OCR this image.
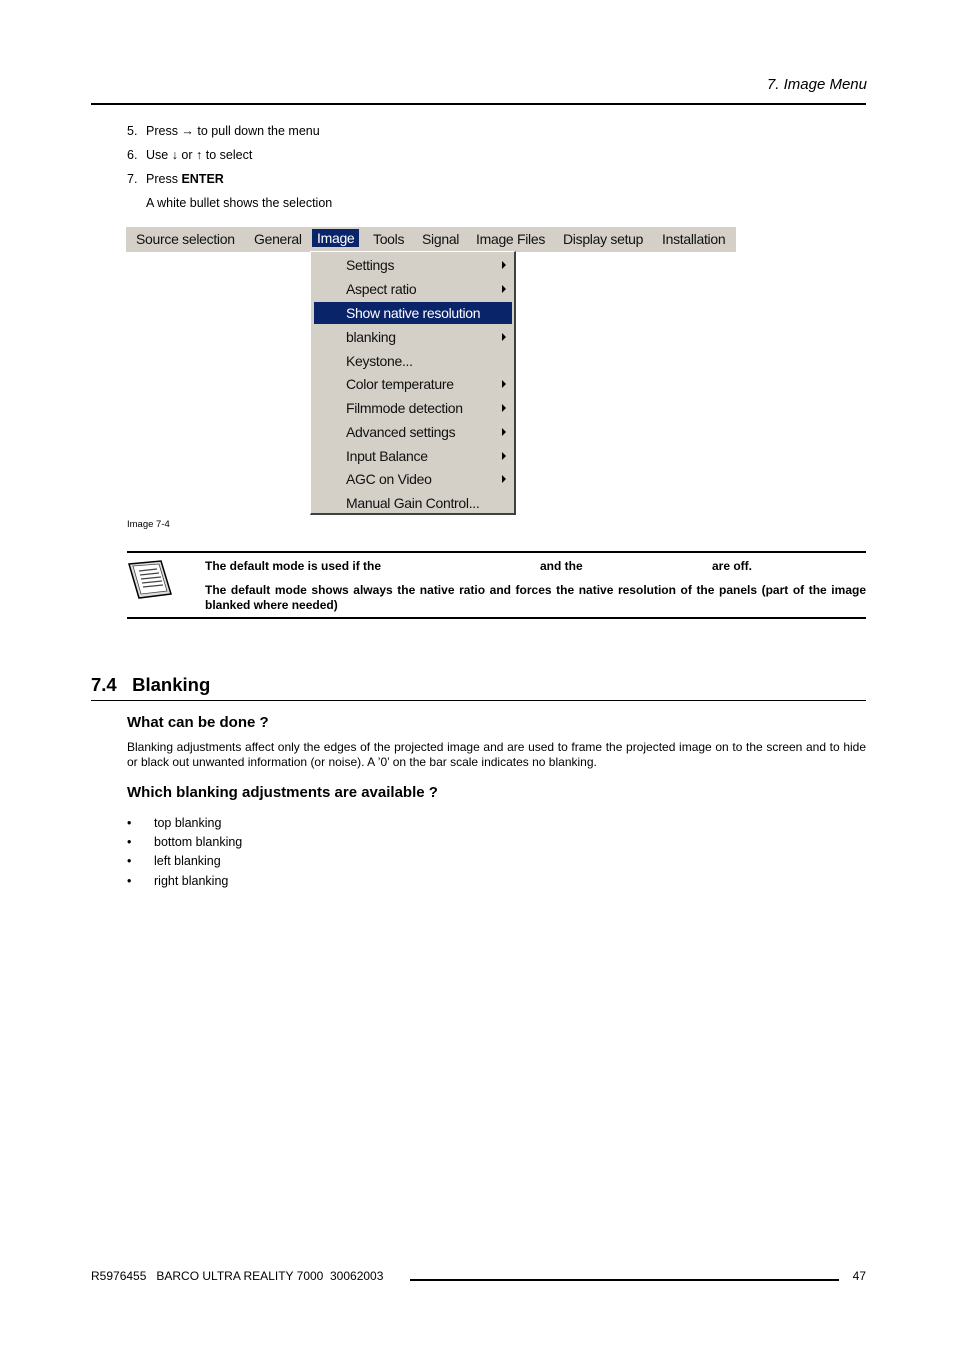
7. Image Menu
5. Press → to pull down the menu
6. Use ↓ or ↑ to select
7. Press ENTER
A white bullet shows the selection
Source selection General	Image	Tools Signal Image Files Display setup Installation
Settings
Aspect ratio
Show native resolution
blanking
Keystone...
Color temperature
Filmmode detection
Advanced settings
Input Balance
AGC on Video
Manual Gain Control...
Image 7-4
The default mode is used if the	and the	are off.
The default mode shows always the native ratio and forces the native resolution of the panels (part of the image blanked where needed)
7.4   Blanking
What can be done ?
Blanking adjustments affect only the edges of the projected image and are used to frame the projected image on to the screen and to hide or black out unwanted information (or noise). A ’0’ on the bar scale indicates no blanking.
Which blanking adjustments are available ?
• top blanking
• bottom blanking
• left blanking
• right blanking
R5976455   BARCO ULTRA REALITY 7000  30062003	47
